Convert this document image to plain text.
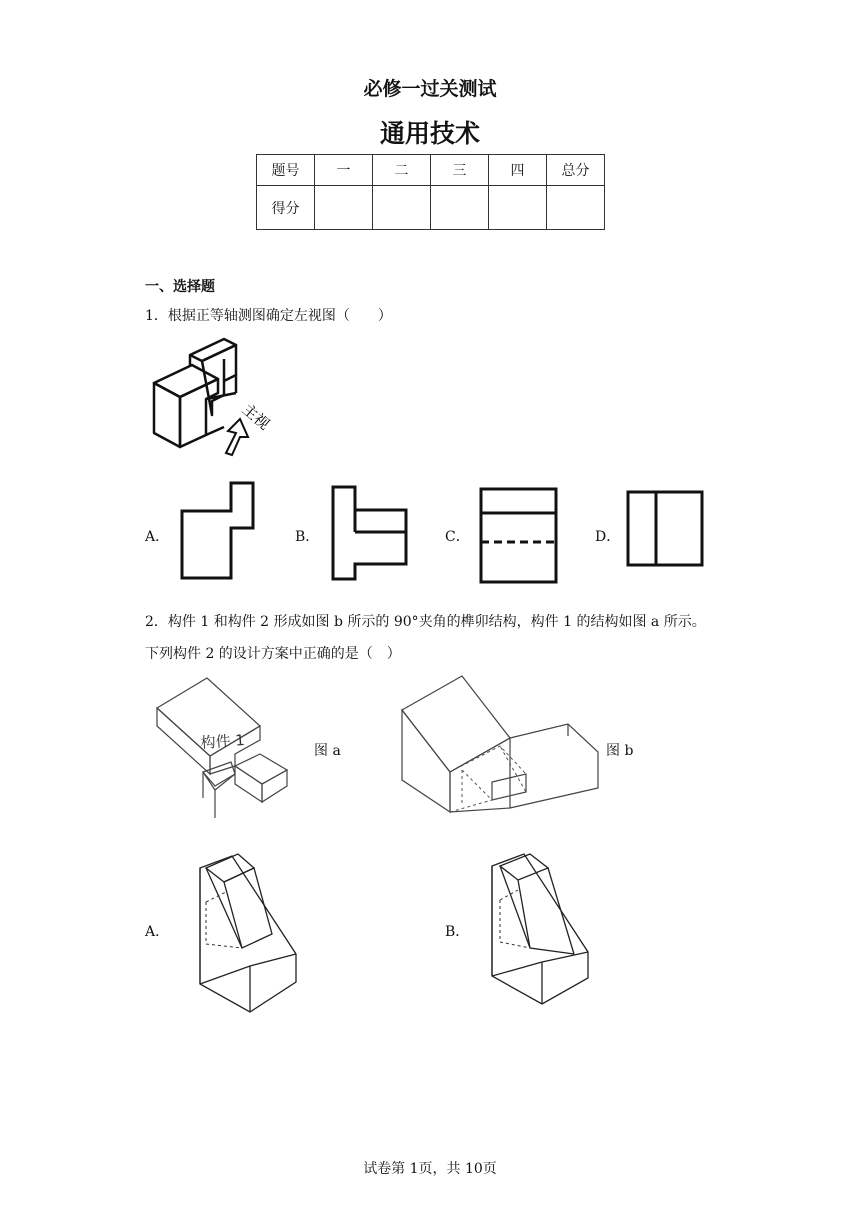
必修一过关测试
通用技术
题号	一	二	三	四	总分
得分					
一、选择题
1．根据正等轴测图确定左视图（　　）
主视
A．	B．	C．	D．
2．构件 1 和构件 2 形成如图 b 所示的 90°夹角的榫卯结构，构件 1 的结构如图 a 所示。
下列构件 2 的设计方案中正确的是（　）
构件 1	图 a	图 b
A．	B．
试卷第 1页，共 10页
